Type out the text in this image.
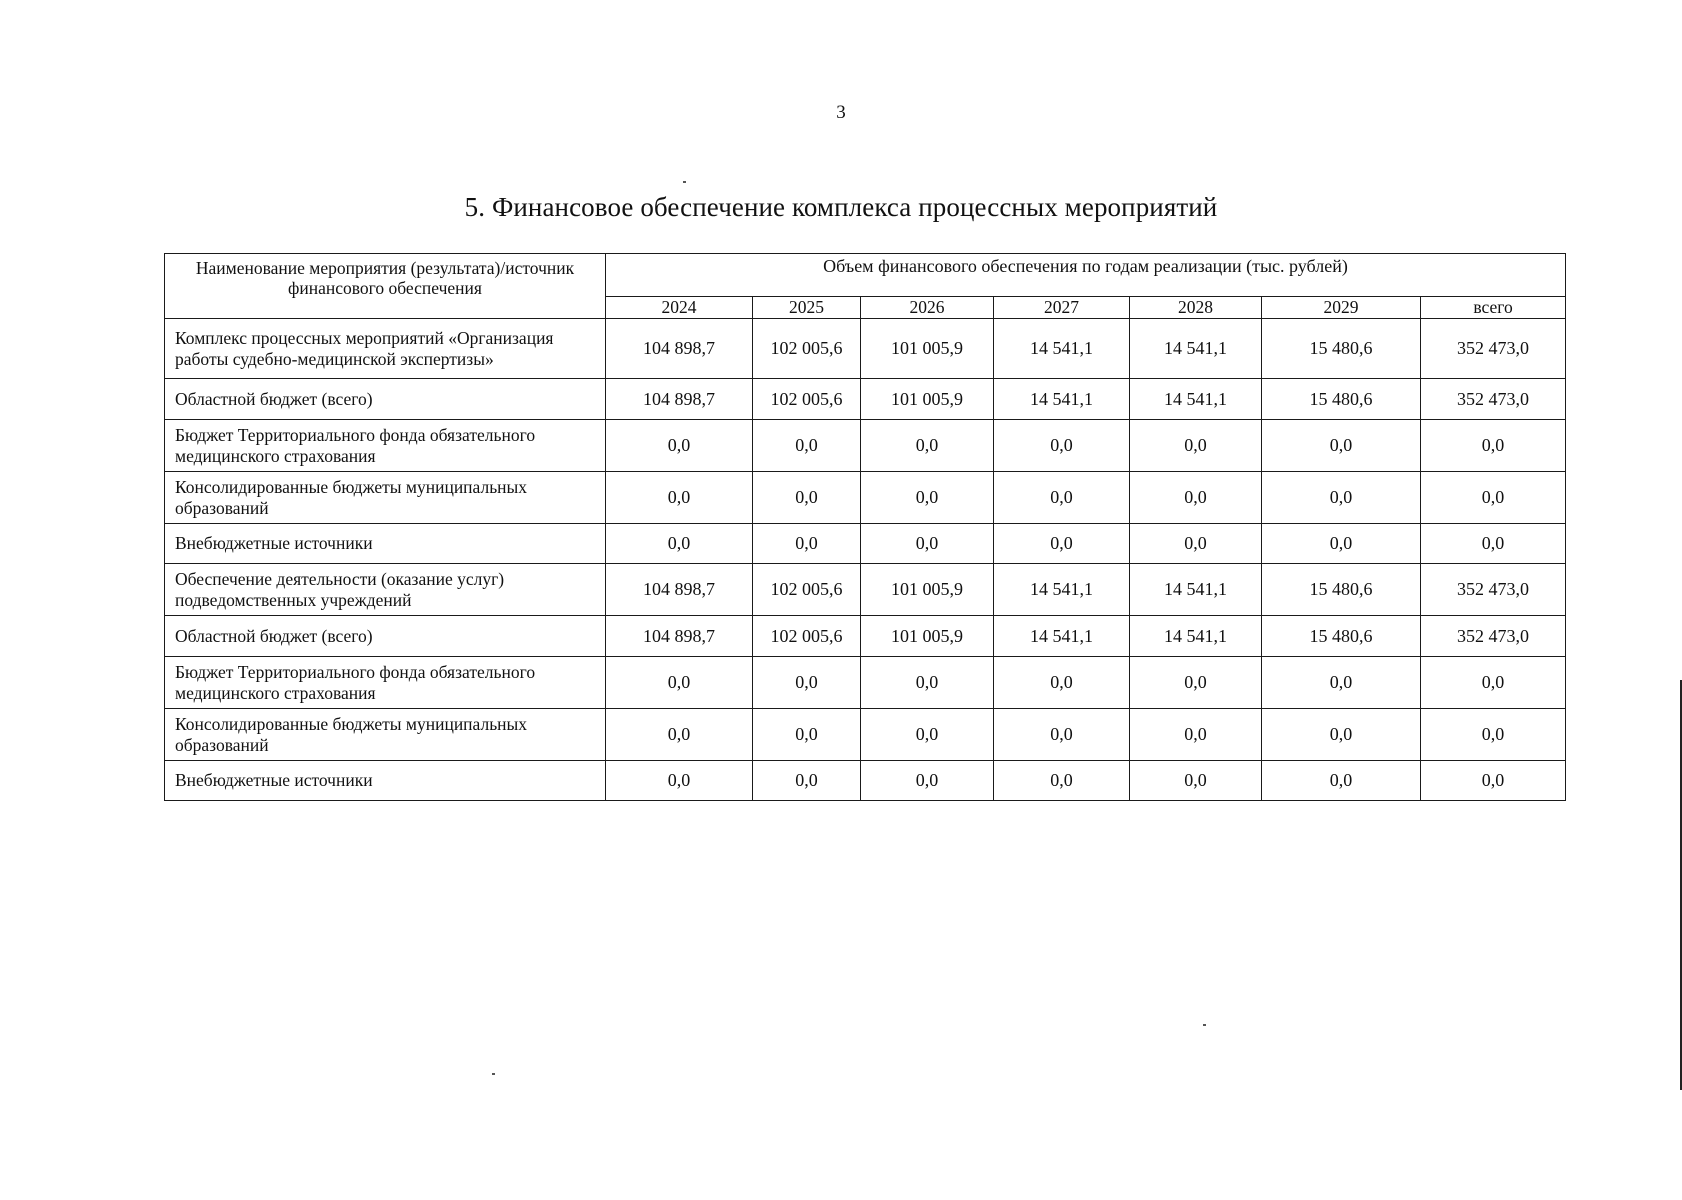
3
5. Финансовое обеспечение комплекса процессных мероприятий
Наименование мероприятия (результата)/источник финансового обеспечения	Объем финансового обеспечения по годам реализации (тыс. рублей)						
	2024	2025	2026	2027	2028	2029	всего
Комплекс процессных мероприятий «Организация работы судебно-медицинской экспертизы»	104 898,7	102 005,6	101 005,9	14 541,1	14 541,1	15 480,6	352 473,0
Областной бюджет (всего)	104 898,7	102 005,6	101 005,9	14 541,1	14 541,1	15 480,6	352 473,0
Бюджет Территориального фонда обязательного медицинского страхования	0,0	0,0	0,0	0,0	0,0	0,0	0,0
Консолидированные бюджеты муниципальных образований	0,0	0,0	0,0	0,0	0,0	0,0	0,0
Внебюджетные источники	0,0	0,0	0,0	0,0	0,0	0,0	0,0
Обеспечение деятельности (оказание услуг) подведомственных учреждений	104 898,7	102 005,6	101 005,9	14 541,1	14 541,1	15 480,6	352 473,0
Областной бюджет (всего)	104 898,7	102 005,6	101 005,9	14 541,1	14 541,1	15 480,6	352 473,0
Бюджет Территориального фонда обязательного медицинского страхования	0,0	0,0	0,0	0,0	0,0	0,0	0,0
Консолидированные бюджеты муниципальных образований	0,0	0,0	0,0	0,0	0,0	0,0	0,0
Внебюджетные источники	0,0	0,0	0,0	0,0	0,0	0,0	0,0
